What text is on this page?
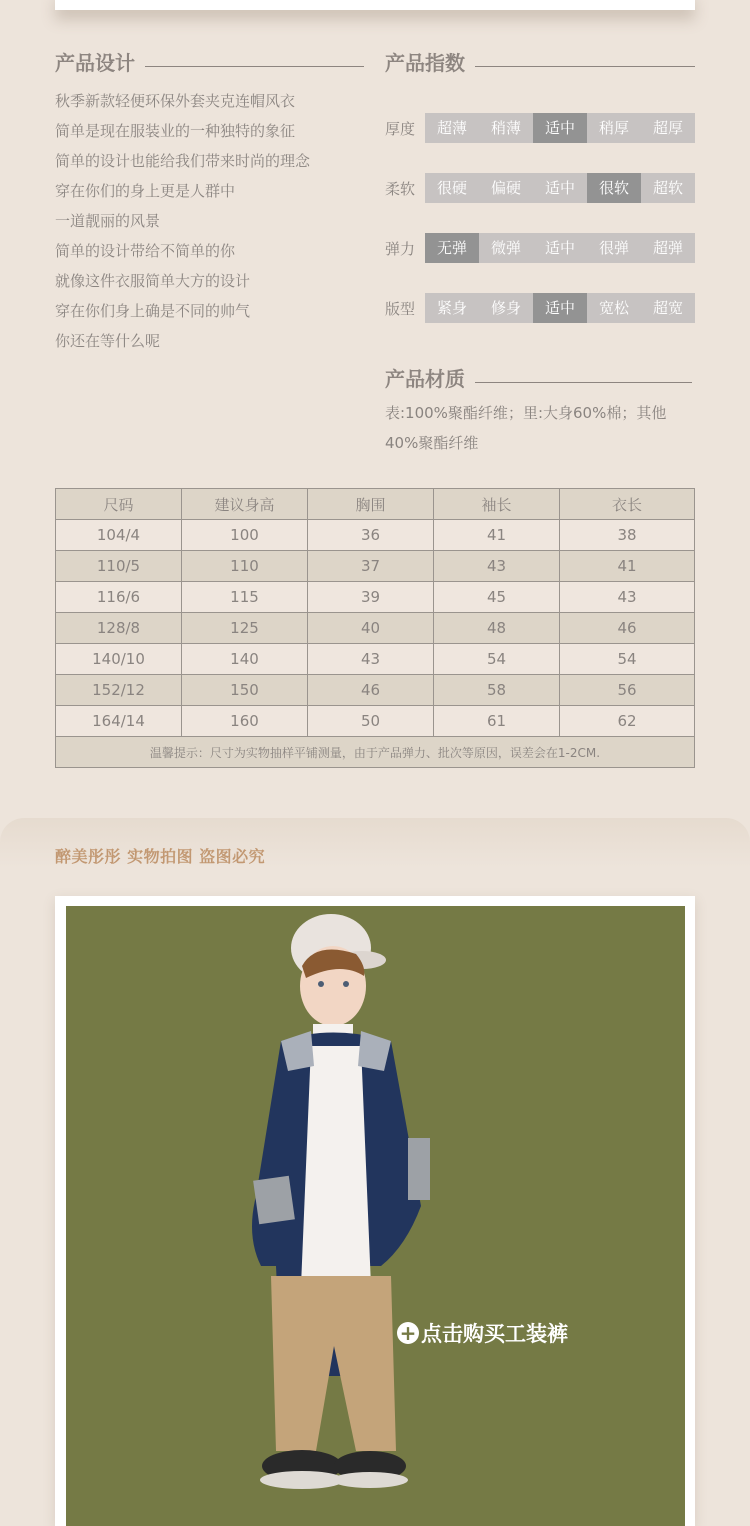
产品设计
秋季新款轻便环保外套夹克连帽风衣
简单是现在服装业的一种独特的象征
简单的设计也能给我们带来时尚的理念
穿在你们的身上更是人群中
一道靓丽的风景
简单的设计带给不简单的你
就像这件衣服简单大方的设计
穿在你们身上确是不同的帅气
你还在等什么呢
产品指数
厚度	超薄	稍薄	适中	稍厚	超厚
柔软	很硬	偏硬	适中	很软	超软
弹力	无弹	微弹	适中	很弹	超弹
版型	紧身	修身	适中	宽松	超宽
产品材质
表:100%聚酯纤维；里:大身60%棉；其他40%聚酯纤维
尺码	建议身高	胸围	袖长	衣长
104/4	100	36	41	38
110/5	110	37	43	41
116/6	115	39	45	43
128/8	125	40	48	46
140/10	140	43	54	54
152/12	150	46	58	56
164/14	160	50	61	62
温馨提示：尺寸为实物抽样平铺测量，由于产品弹力、批次等原因，误差会在1-2CM.				
醉美彤彤 实物拍图 盗图必究
+ 点击购买工装裤
